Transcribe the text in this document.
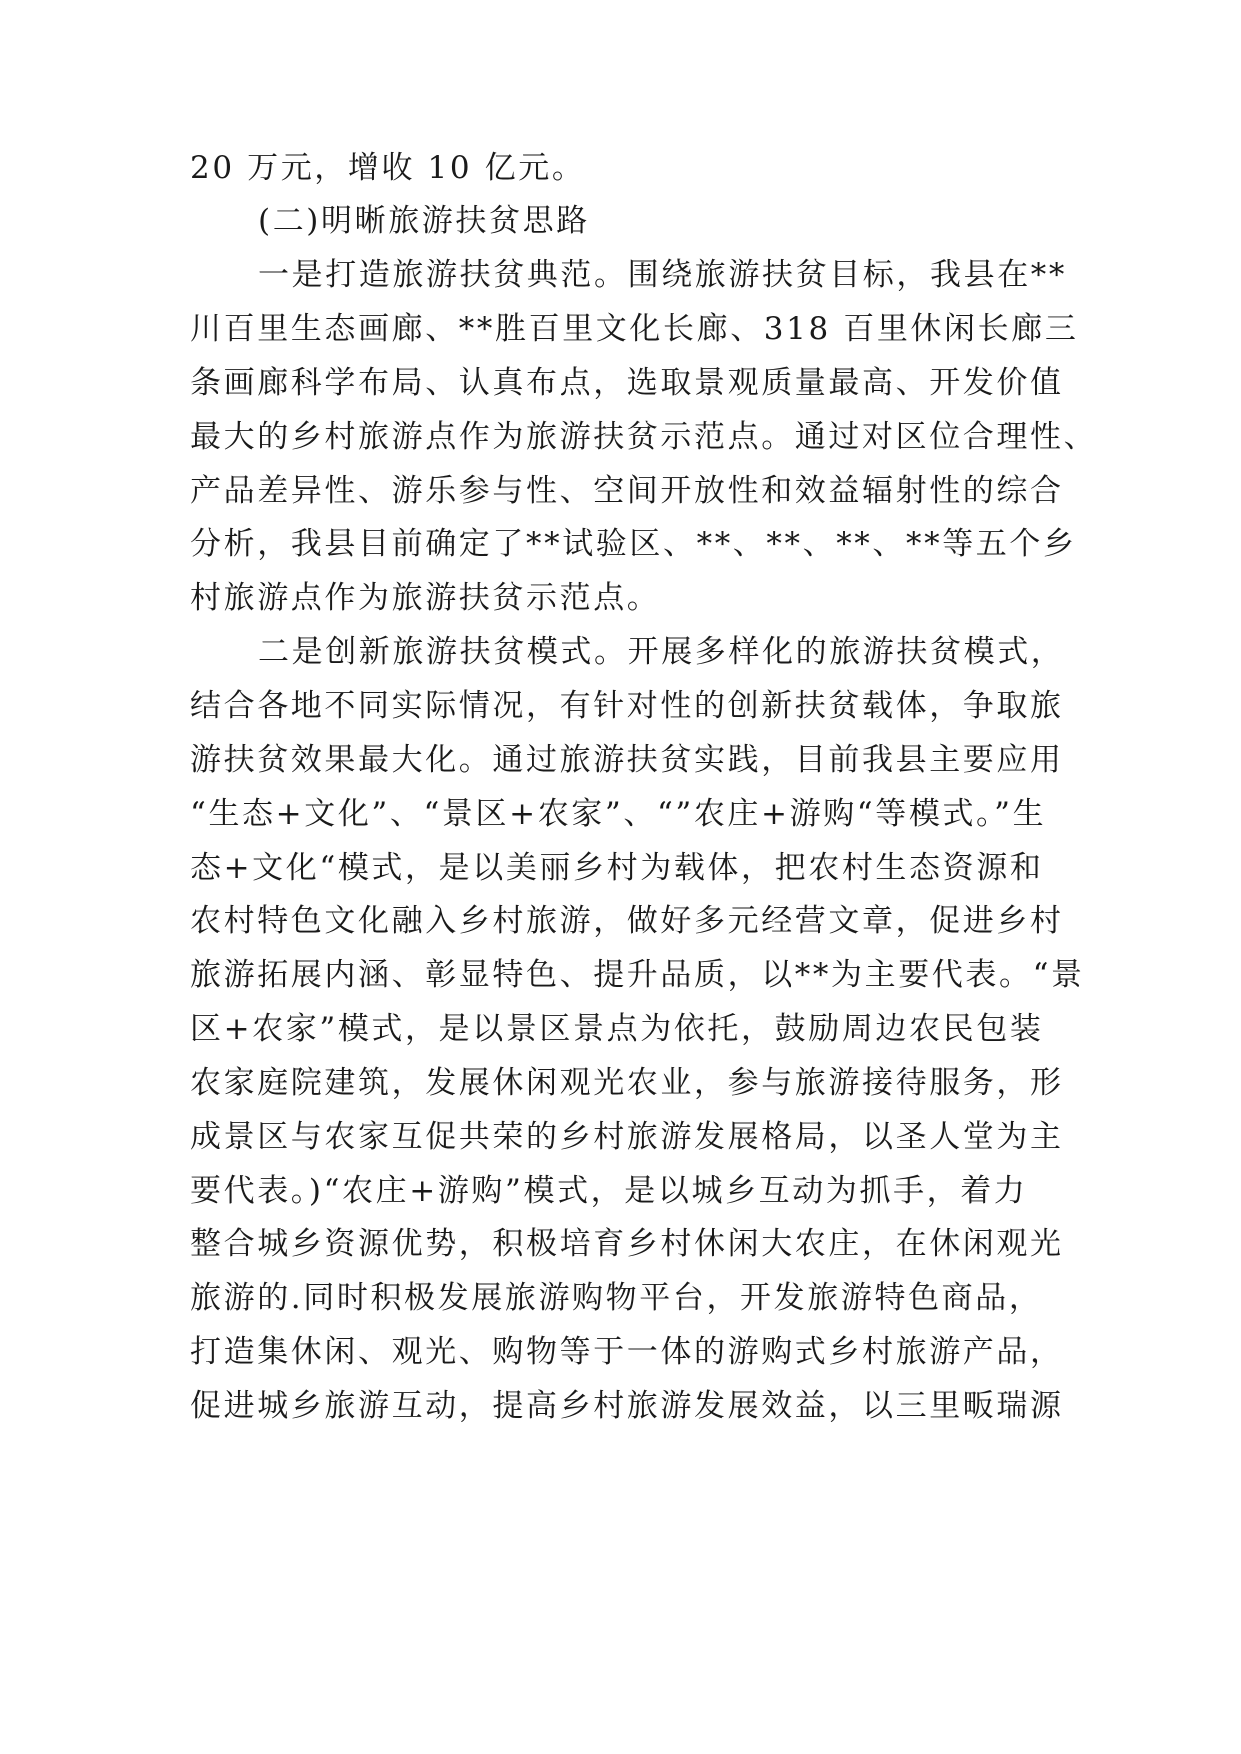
20 万元，增收 10 亿元。
(二)明晰旅游扶贫思路
一是打造旅游扶贫典范。围绕旅游扶贫目标，我县在**
川百里生态画廊、**胜百里文化长廊、318 百里休闲长廊三
条画廊科学布局、认真布点，选取景观质量最高、开发价值
最大的乡村旅游点作为旅游扶贫示范点。通过对区位合理性、
产品差异性、游乐参与性、空间开放性和效益辐射性的综合
分析，我县目前确定了**试验区、**、**、**、**等五个乡
村旅游点作为旅游扶贫示范点。
二是创新旅游扶贫模式。开展多样化的旅游扶贫模式，
结合各地不同实际情况，有针对性的创新扶贫载体，争取旅
游扶贫效果最大化。通过旅游扶贫实践，目前我县主要应用
“生态+文化”、“景区+农家”、“”农庄+游购“等模式。”生
态+文化“模式，是以美丽乡村为载体，把农村生态资源和
农村特色文化融入乡村旅游，做好多元经营文章，促进乡村
旅游拓展内涵、彰显特色、提升品质，以**为主要代表。“景
区+农家”模式，是以景区景点为依托，鼓励周边农民包装
农家庭院建筑，发展休闲观光农业，参与旅游接待服务，形
成景区与农家互促共荣的乡村旅游发展格局，以圣人堂为主
要代表。)“农庄+游购”模式，是以城乡互动为抓手，着力
整合城乡资源优势，积极培育乡村休闲大农庄，在休闲观光
旅游的.同时积极发展旅游购物平台，开发旅游特色商品，
打造集休闲、观光、购物等于一体的游购式乡村旅游产品，
促进城乡旅游互动，提高乡村旅游发展效益，以三里畈瑞源
